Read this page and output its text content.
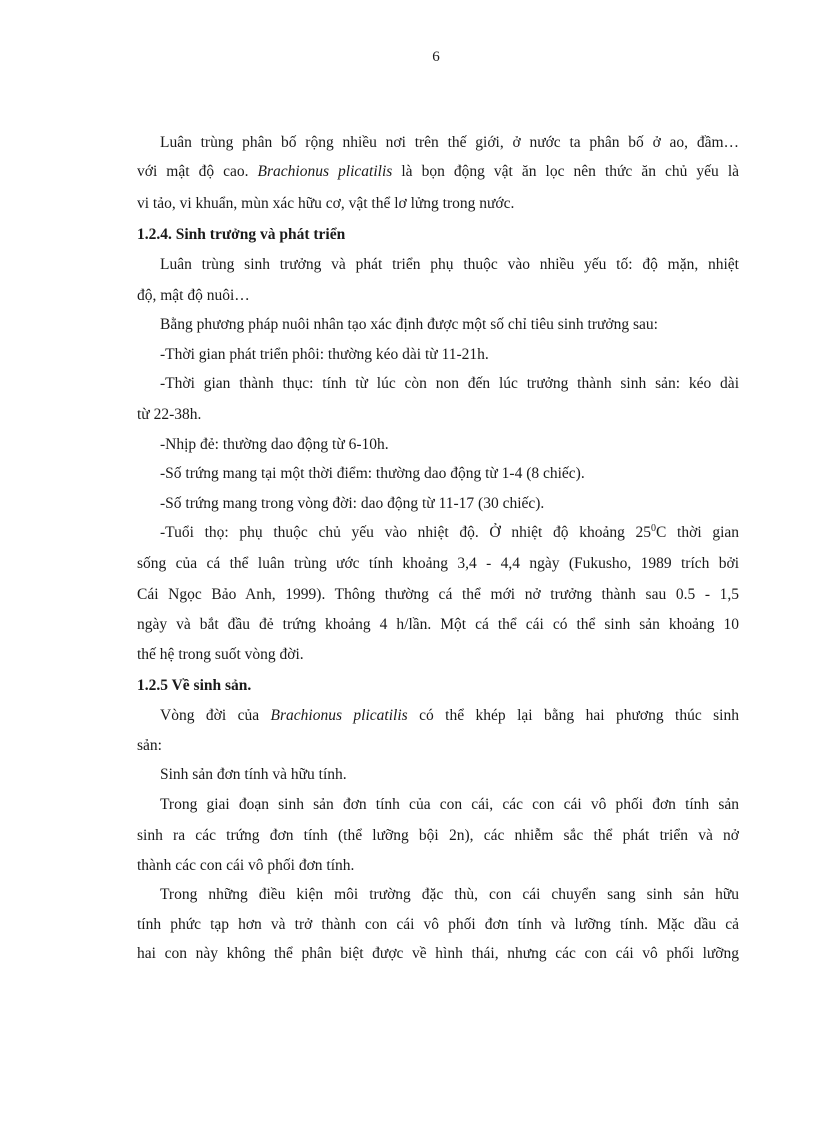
6
Luân trùng phân bố rộng nhiều nơi trên thế giới, ở nước ta phân bố ở ao, đầm…
với mật độ cao. Brachionus plicatilis là bọn động vật ăn lọc nên thức ăn chủ yếu là
vi tảo, vi khuẩn, mùn xác hữu cơ, vật thể lơ lửng trong nước.
1.2.4. Sinh trưởng và phát triển
Luân trùng sinh trưởng và phát triển phụ thuộc vào nhiều yếu tố: độ mặn, nhiệt
độ, mật độ nuôi…
Bằng phương pháp nuôi nhân tạo xác định được một số chỉ tiêu sinh trưởng sau:
-Thời gian phát triển phôi: thường kéo dài từ 11-21h.
-Thời gian thành thục: tính từ lúc còn non đến lúc trưởng thành sinh sản: kéo dài
từ 22-38h.
-Nhịp đẻ: thường dao động từ 6-10h.
-Số trứng mang tại một thời điểm: thường dao động từ 1-4 (8 chiếc).
-Số trứng mang trong vòng đời: dao động từ 11-17 (30 chiếc).
-Tuổi thọ: phụ thuộc chủ yếu vào nhiệt độ. Ở nhiệt độ khoảng $25^0C$ thời gian
sống của cá thể luân trùng ước tính khoảng 3,4 - 4,4 ngày (Fukusho, 1989 trích bởi
Cái Ngọc Bảo Anh, 1999). Thông thường cá thể mới nở trưởng thành sau 0.5 - 1,5
ngày và bắt đầu đẻ trứng khoảng 4 h/lần. Một cá thể cái có thể sinh sản khoảng 10
thế hệ trong suốt vòng đời.
1.2.5 Về sinh sản.
Vòng đời của Brachionus plicatilis có thể khép lại bằng hai phương thúc sinh
sản:
Sinh sản đơn tính và hữu tính.
Trong giai đoạn sinh sản đơn tính của con cái, các con cái vô phối đơn tính sản
sinh ra các trứng đơn tính (thể lưỡng bội 2n), các nhiễm sắc thể phát triển và nở
thành các con cái vô phối đơn tính.
Trong những điều kiện môi trường đặc thù, con cái chuyển sang sinh sản hữu
tính phức tạp hơn và trở thành con cái vô phối đơn tính và lưỡng tính. Mặc dầu cả
hai con này không thể phân biệt được về hình thái, nhưng các con cái vô phối lưỡng
